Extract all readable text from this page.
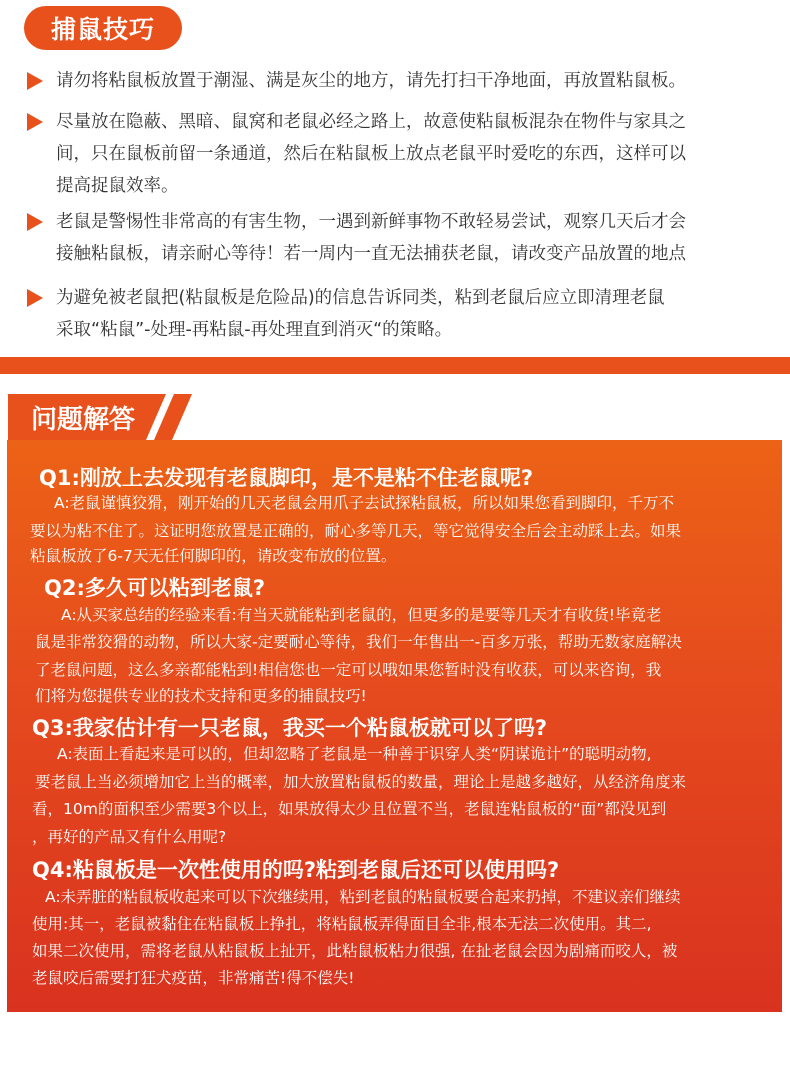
捕鼠技巧
请勿将粘鼠板放置于潮湿、满是灰尘的地方，请先打扫干净地面，再放置粘鼠板。
尽量放在隐蔽、黑暗、鼠窝和老鼠必经之路上，故意使粘鼠板混杂在物件与家具之
间，只在鼠板前留一条通道，然后在粘鼠板上放点老鼠平时爱吃的东西，这样可以
提高捉鼠效率。
老鼠是警惕性非常高的有害生物，一遇到新鲜事物不敢轻易尝试，观察几天后才会
接触粘鼠板，请亲耐心等待！若一周内一直无法捕获老鼠，请改变产品放置的地点
为避免被老鼠把(粘鼠板是危险品)的信息告诉同类，粘到老鼠后应立即清理老鼠
采取“粘鼠”-处理-再粘鼠-再处理直到消灭“的策略。
问题解答
Q1:刚放上去发现有老鼠脚印，是不是粘不住老鼠呢?
A:老鼠谨慎狡猾，刚开始的几天老鼠会用爪子去试探粘鼠板，所以如果您看到脚印，千万不
要以为粘不住了。这证明您放置是正确的，耐心多等几天，等它觉得安全后会主动踩上去。如果
粘鼠板放了6-7天无任何脚印的，请改变布放的位置。
Q2:多久可以粘到老鼠?
A:从买家总结的经验来看:有当天就能粘到老鼠的，但更多的是要等几天才有收货!毕竟老
鼠是非常狡猾的动物，所以大家-定要耐心等待，我们一年售出一-百多万张，帮助无数家庭解决
了老鼠问题，这么多亲都能粘到!相信您也一定可以哦如果您暂时没有收获，可以来咨询，我
们将为您提供专业的技术支持和更多的捕鼠技巧!
Q3:我家估计有一只老鼠，我买一个粘鼠板就可以了吗?
A:表面上看起来是可以的，但却忽略了老鼠是一种善于识穿人类“阴谋诡计”的聪明动物,
要老鼠上当必须增加它上当的概率，加大放置粘鼠板的数量，理论上是越多越好，从经济角度来
看，10m的面积至少需要3个以上，如果放得太少且位置不当，老鼠连粘鼠板的“面”都没见到
，再好的产品又有什么用呢?
Q4:粘鼠板是一次性使用的吗?粘到老鼠后还可以使用吗?
A:未弄脏的粘鼠板收起来可以下次继续用，粘到老鼠的粘鼠板要合起来扔掉，不建议亲们继续
使用:其一，老鼠被黏住在粘鼠板上挣扎，将粘鼠板弄得面目全非,根本无法二次使用。其二,
如果二次使用，需将老鼠从粘鼠板上扯开，此粘鼠板粘力很强, 在扯老鼠会因为剧痛而咬人，被
老鼠咬后需要打狂犬疫苗，非常痛苦!得不偿失!
